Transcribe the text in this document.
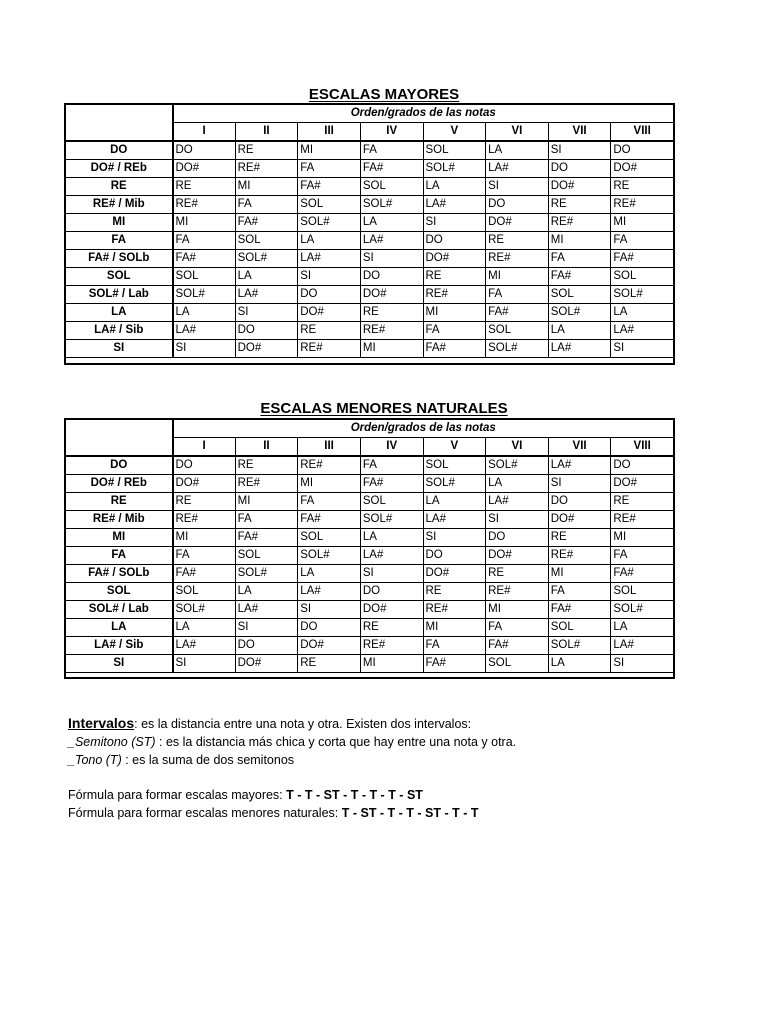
ESCALAS MAYORES
	Orden/grados de las notas							
	I	II	III	IV	V	VI	VII	VIII
DO	DO	RE	MI	FA	SOL	LA	SI	DO
DO# / REb	DO#	RE#	FA	FA#	SOL#	LA#	DO	DO#
RE	RE	MI	FA#	SOL	LA	SI	DO#	RE
RE# / Mib	RE#	FA	SOL	SOL#	LA#	DO	RE	RE#
MI	MI	FA#	SOL#	LA	SI	DO#	RE#	MI
FA	FA	SOL	LA	LA#	DO	RE	MI	FA
FA# / SOLb	FA#	SOL#	LA#	SI	DO#	RE#	FA	FA#
SOL	SOL	LA	SI	DO	RE	MI	FA#	SOL
SOL# / Lab	SOL#	LA#	DO	DO#	RE#	FA	SOL	SOL#
LA	LA	SI	DO#	RE	MI	FA#	SOL#	LA
LA# / Sib	LA#	DO	RE	RE#	FA	SOL	LA	LA#
SI	SI	DO#	RE#	MI	FA#	SOL#	LA#	SI
ESCALAS MENORES NATURALES
	Orden/grados de las notas							
	I	II	III	IV	V	VI	VII	VIII
DO	DO	RE	RE#	FA	SOL	SOL#	LA#	DO
DO# / REb	DO#	RE#	MI	FA#	SOL#	LA	SI	DO#
RE	RE	MI	FA	SOL	LA	LA#	DO	RE
RE# / Mib	RE#	FA	FA#	SOL#	LA#	SI	DO#	RE#
MI	MI	FA#	SOL	LA	SI	DO	RE	MI
FA	FA	SOL	SOL#	LA#	DO	DO#	RE#	FA
FA# / SOLb	FA#	SOL#	LA	SI	DO#	RE	MI	FA#
SOL	SOL	LA	LA#	DO	RE	RE#	FA	SOL
SOL# / Lab	SOL#	LA#	SI	DO#	RE#	MI	FA#	SOL#
LA	LA	SI	DO	RE	MI	FA	SOL	LA
LA# / Sib	LA#	DO	DO#	RE#	FA	FA#	SOL#	LA#
SI	SI	DO#	RE	MI	FA#	SOL	LA	SI
Intervalos: es la distancia entre una nota y otra. Existen dos intervalos:
_Semitono (ST) : es la distancia más chica y corta que hay entre una nota y otra.
_Tono (T) : es la suma de dos semitonos
Fórmula para formar escalas mayores: T - T - ST - T - T - T - ST
Fórmula para formar escalas menores naturales: T - ST - T - T - ST - T - T
